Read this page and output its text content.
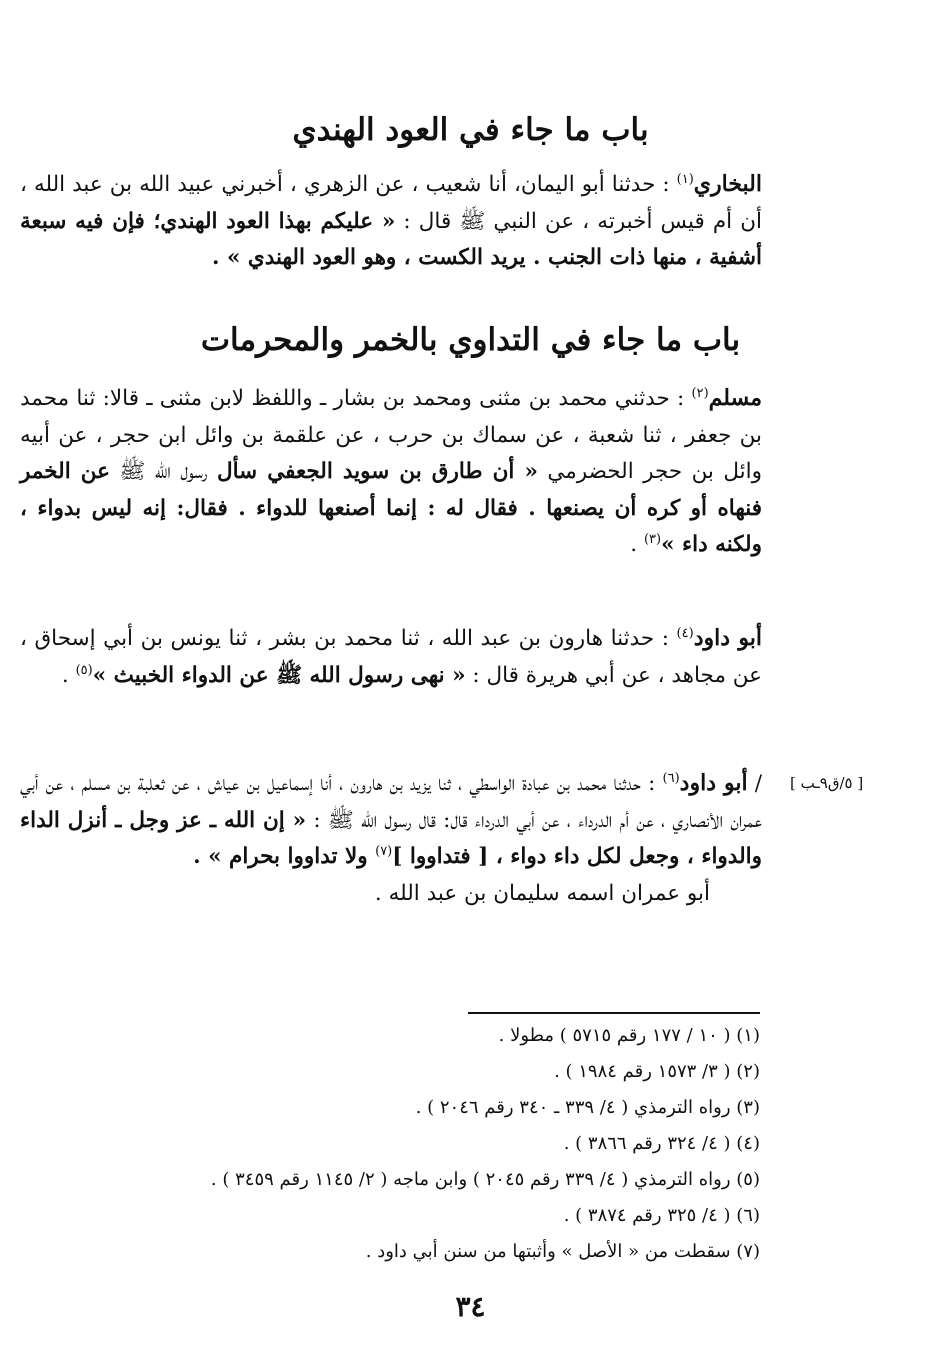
باب ما جاء في العود الهندي

البخاري$^{(١)}$ : حدثنا أبو اليمان، أنا شعيب ، عن الزهري ، أخبرني عبيد الله بن عبد الله ، أن أم قيس أخبرته ، عن النبي ﷺ قال : « عليكم بهذا العود الهندي؛ فإن فيه سبعة أشفية ، منها ذات الجنب . يريد الكست ، وهو العود الهندي » .

باب ما جاء في التداوي بالخمر والمحرمات

مسلم$^{(٢)}$ : حدثني محمد بن مثنى ومحمد بن بشار ـ واللفظ لابن مثنى ـ قالا: ثنا محمد بن جعفر ، ثنا شعبة ، عن سماك بن حرب ، عن علقمة بن وائل ابن حجر ، عن أبيه وائل بن حجر الحضرمي « أن طارق بن سويد الجعفي سأل رسول الله ﷺ عن الخمر فنهاه أو كره أن يصنعها . فقال له : إنما أصنعها للدواء . فقال: إنه ليس بدواء ، ولكنه داء »$^{(٣)}$ .

أبو داود$^{(٤)}$ : حدثنا هارون بن عبد الله ، ثنا محمد بن بشر ، ثنا يونس بن أبي إسحاق ، عن مجاهد ، عن أبي هريرة قال : « نهى رسول الله ﷺ عن الدواء الخبيث »$^{(٥)}$ .

[ ٥/ق٩ـب ]

/ أبو داود$^{(٦)}$ : حدثنا محمد بن عبادة الواسطي ، ثنا يزيد بن هارون ، أنا إسماعيل بن عياش ، عن ثعلبة بن مسلم ، عن أبي عمران الأنصاري ، عن أم الدرداء ، عن أبي الدرداء قال: قال رسول الله ﷺ : « إن الله ـ عز وجل ـ أنزل الداء والدواء ، وجعل لكل داء دواء ، [ فتداووا ]$^{(٧)}$ ولا تداووا بحرام » .

أبو عمران اسمه سليمان بن عبد الله .

(١) ( ١٠ / ١٧٧ رقم ٥٧١٥ ) مطولا .
(٢) ( ٣/ ١٥٧٣ رقم ١٩٨٤ ) .
(٣) رواه الترمذي ( ٤/ ٣٣٩ ـ ٣٤٠ رقم ٢٠٤٦ ) .
(٤) ( ٤/ ٣٢٤ رقم ٣٨٦٦ ) .
(٥) رواه الترمذي ( ٤/ ٣٣٩ رقم ٢٠٤٥ ) وابن ماجه ( ٢/ ١١٤٥ رقم ٣٤٥٩ ) .
(٦) ( ٤/ ٣٢٥ رقم ٣٨٧٤ ) .
(٧) سقطت من « الأصل » وأثبتها من سنن أبي داود .
٣٤
